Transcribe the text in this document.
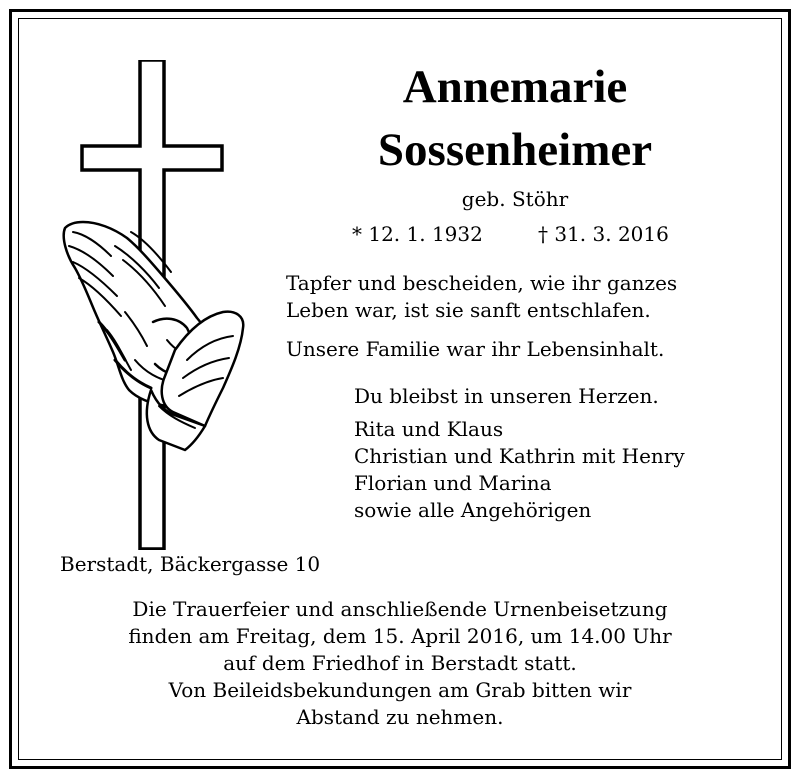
Annemarie
Sossenheimer

geb. Stöhr

* 12. 1. 1932	† 31. 3. 2016

Tapfer und bescheiden, wie ihr ganzes

Leben war, ist sie sanft entschlafen.

Unsere Familie war ihr Lebensinhalt.

Du bleibst in unseren Herzen.

Rita und Klaus

Christian und Kathrin mit Henry

Florian und Marina

sowie alle Angehörigen

Berstadt, Bäckergasse 10

Die Trauerfeier und anschließende Urnenbeisetzung

finden am Freitag, dem 15. April 2016, um 14.00 Uhr

auf dem Friedhof in Berstadt statt.

Von Beileidsbekundungen am Grab bitten wir

Abstand zu nehmen.
